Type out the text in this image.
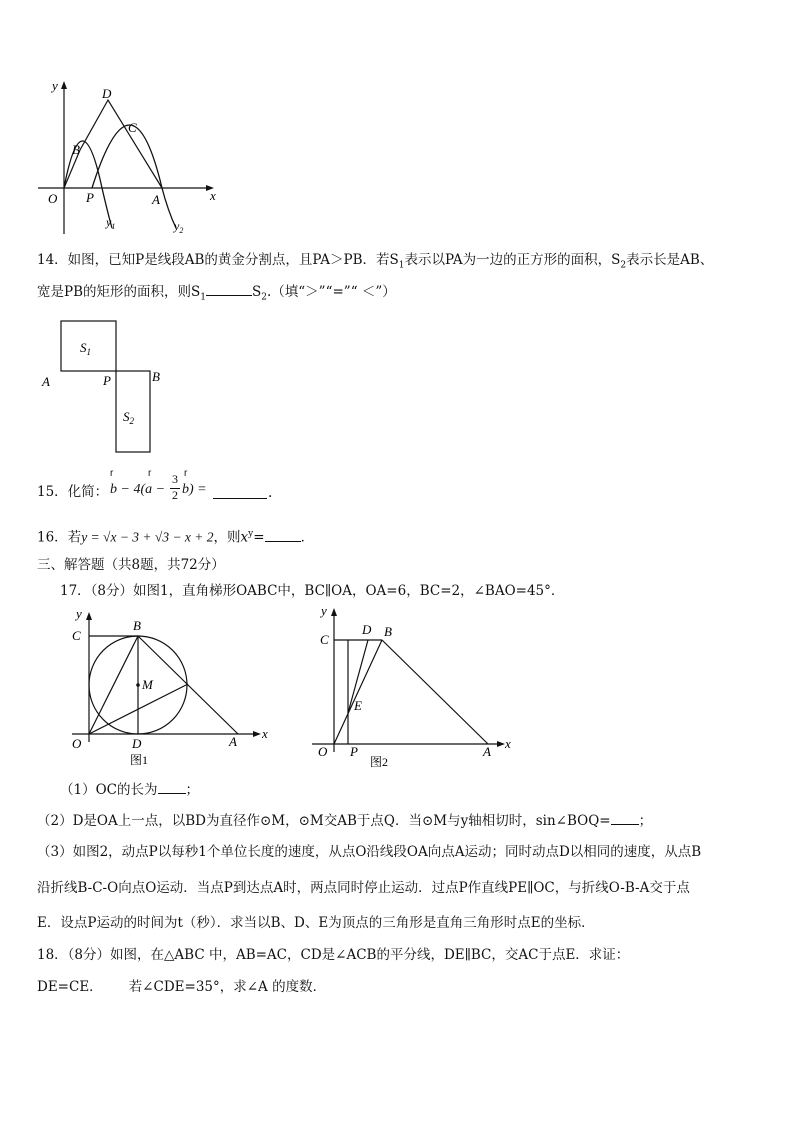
y
x
O P	A
B
C
D
$y_1$	$y_2$
14．如图，已知P是线段AB的黄金分割点，且PA＞PB．若$S_1$表示以PA为一边的正方形的面积，$S_2$表示长是AB、
宽是PB的矩形的面积，则$S_1$	$S_2$.（填“＞”“=”“ ＜”）
$S_1$
$S_2$
A	P	B
15．化简：
r	r	r
b − 4(a −
3
2 b) =	．
16．若y = √x − 3 + √3 − x + 2，则$x^y=$	．
三、解答题（共8题，共72分）
17．（8分）如图1，直角梯形OABC中，BC∥OA，OA=6，BC=2，∠BAO=45°．
y
x
C
B
M
O	D	A
图1
y
x
C
D B
E
O P	A
图2
（1）OC的长为 ；
（2）D是OA上一点，以BD为直径作⊙M，⊙M交AB于点Q．当⊙M与y轴相切时，sin∠BOQ= ；
（3）如图2，动点P以每秒1个单位长度的速度，从点O沿线段OA向点A运动；同时动点D以相同的速度，从点B
沿折线B-C-O向点O运动．当点P到达点A时，两点同时停止运动．过点P作直线PE∥OC，与折线O-B-A交于点
E．设点P运动的时间为t（秒）．求当以B、D、E为顶点的三角形是直角三角形时点E的坐标．
18．（8分）如图，在△ABC 中，AB=AC，CD是∠ACB的平分线，DE∥BC，交AC于点E．求证：
DE=CE． 若∠CDE=35°，求∠A 的度数．
